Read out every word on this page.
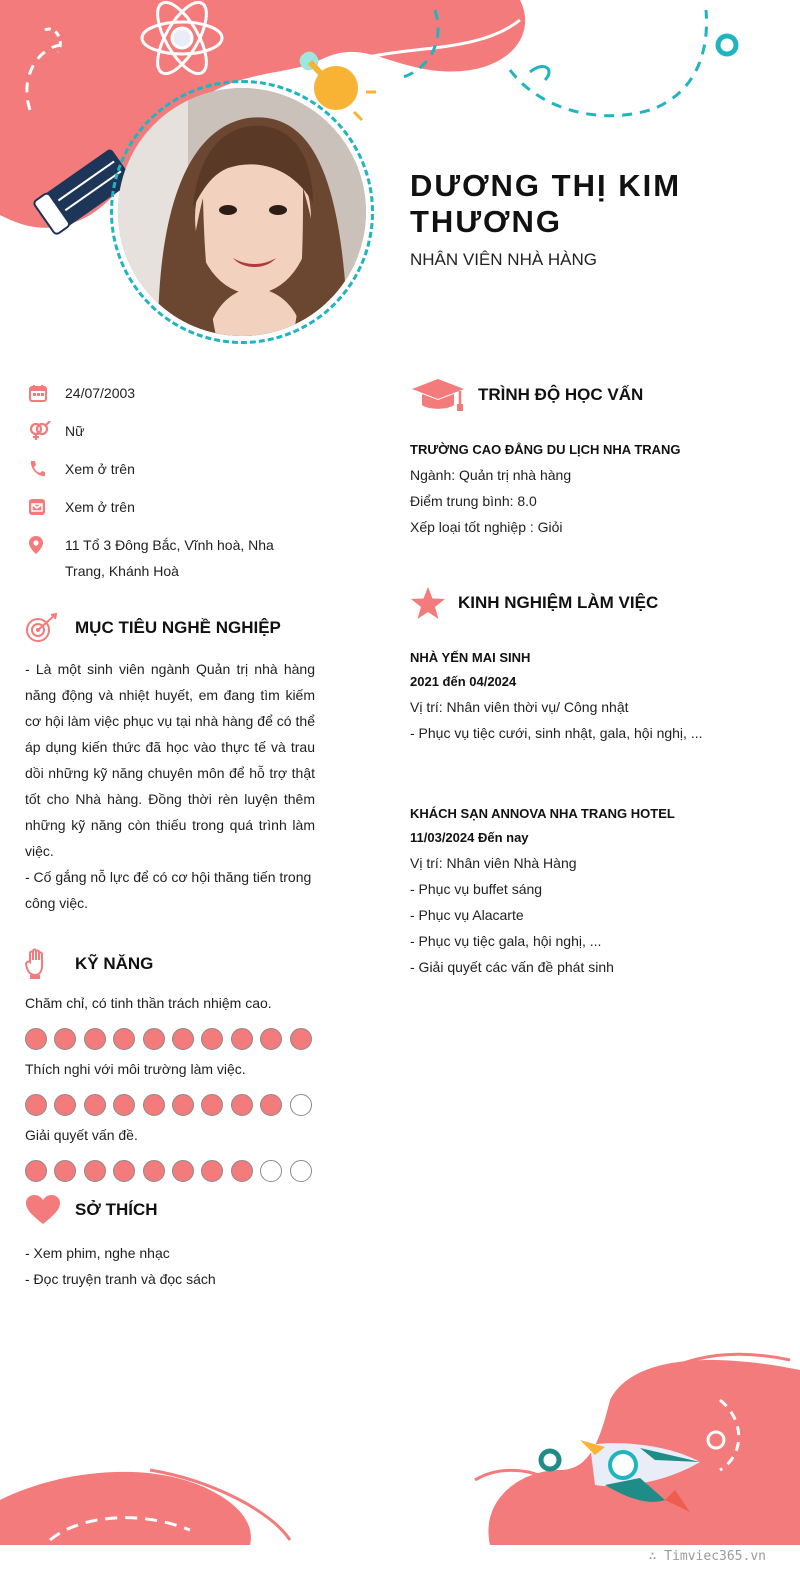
DƯƠNG THỊ KIM THƯƠNG
NHÂN VIÊN NHÀ HÀNG
24/07/2003
Nữ
Xem ở trên
Xem ở trên
11 Tổ 3 Đông Bắc, Vĩnh hoà, Nha Trang, Khánh Hoà
MỤC TIÊU NGHỀ NGHIỆP
- Là một sinh viên ngành Quản trị nhà hàng năng động và nhiệt huyết, em đang tìm kiếm cơ hội làm việc phục vụ tại nhà hàng để có thể áp dụng kiến thức đã học vào thực tế và trau dồi những kỹ năng chuyên môn để hỗ trợ thật tốt cho Nhà hàng. Đồng thời rèn luyện thêm những kỹ năng còn thiếu trong quá trình làm việc.
- Cố gắng nỗ lực để có cơ hội thăng tiến trong công việc.
KỸ NĂNG
Chăm chỉ, có tinh thần trách nhiệm cao.
Thích nghi với môi trường làm việc.
Giải quyết vấn đề.
SỞ THÍCH
- Xem phim, nghe nhạc
- Đọc truyện tranh và đọc sách
TRÌNH ĐỘ HỌC VẤN
TRƯỜNG CAO ĐẲNG DU LỊCH NHA TRANG
Ngành: Quản trị nhà hàng
Điểm trung bình: 8.0
Xếp loại tốt nghiệp : Giỏi
KINH NGHIỆM LÀM VIỆC
NHÀ YẾN MAI SINH
2021 đến 04/2024
Vị trí: Nhân viên thời vụ/ Công nhật
- Phục vụ tiệc cưới, sinh nhật, gala, hội nghị, ...
KHÁCH SẠN ANNOVA NHA TRANG HOTEL
11/03/2024 Đến nay
Vị trí: Nhân viên Nhà Hàng
- Phục vụ buffet sáng
- Phục vụ Alacarte
- Phục vụ tiệc gala, hội nghị, ...
- Giải quyết các vấn đề phát sinh
∴ Timviec365.vn
